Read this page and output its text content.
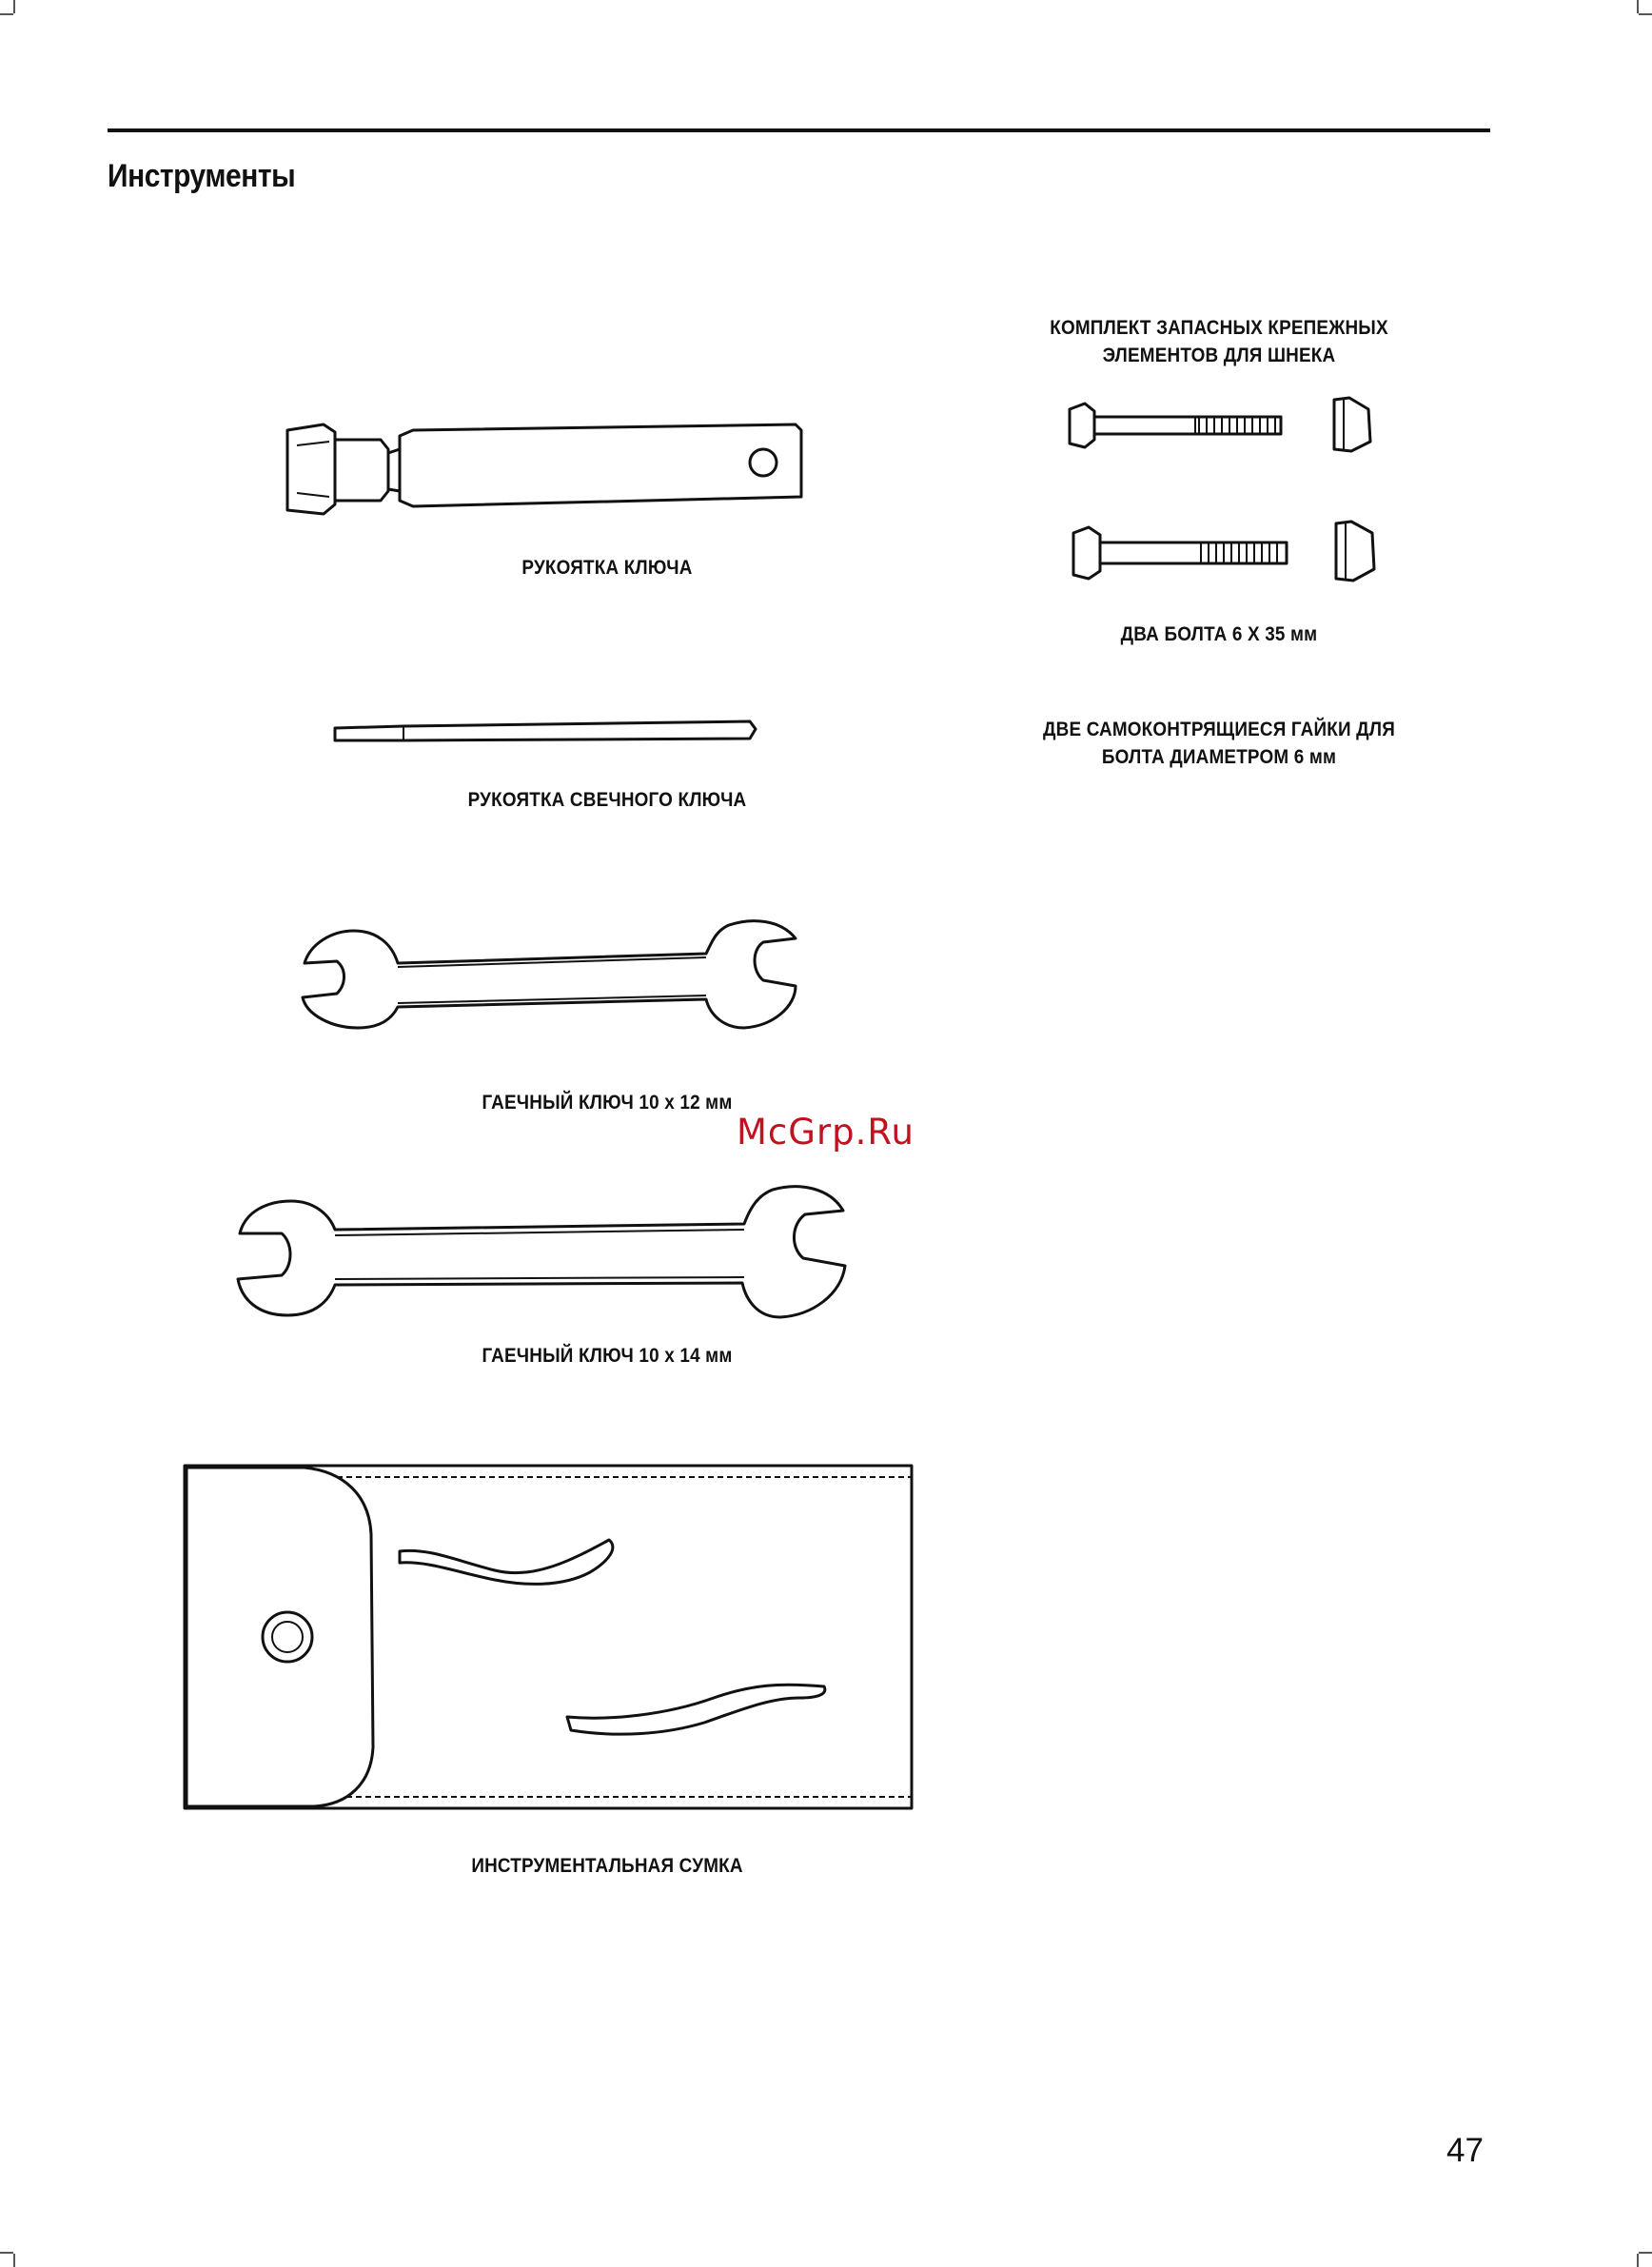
Инструменты
РУКОЯТКА КЛЮЧА
РУКОЯТКА СВЕЧНОГО КЛЮЧА
ГАЕЧНЫЙ КЛЮЧ 10 х 12 мм
ГАЕЧНЫЙ КЛЮЧ 10 х 14 мм
ИНСТРУМЕНТАЛЬНАЯ СУМКА
КОМПЛЕКТ ЗАПАСНЫХ КРЕПЕЖНЫХ
ЭЛЕМЕНТОВ ДЛЯ ШНЕКА
ДВА БОЛТА 6 Х 35 мм
ДВЕ САМОКОНТРЯЩИЕСЯ ГАЙКИ ДЛЯ
БОЛТА ДИАМЕТРОМ 6 мм
McGrp.Ru
47
